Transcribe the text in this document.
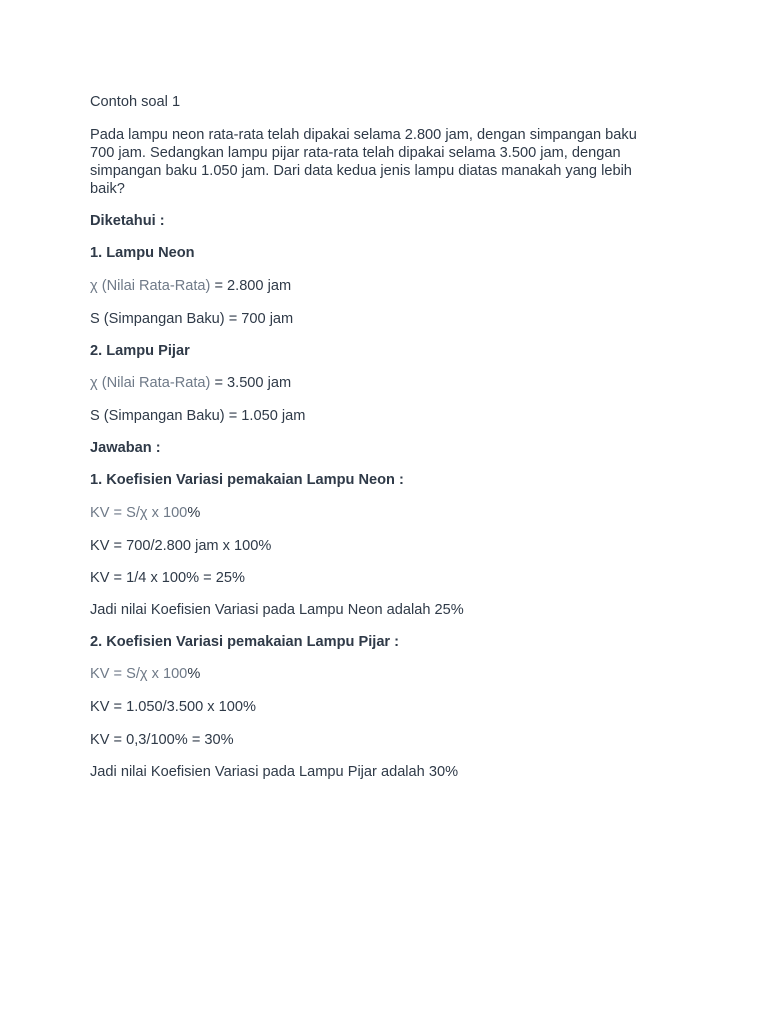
Contoh soal 1

Pada lampu neon rata-rata telah dipakai selama 2.800 jam, dengan simpangan baku
700 jam. Sedangkan lampu pijar rata-rata telah dipakai selama 3.500 jam, dengan
simpangan baku 1.050 jam. Dari data kedua jenis lampu diatas manakah yang lebih
baik?

Diketahui :

1. Lampu Neon

χ (Nilai Rata-Rata) = 2.800 jam

S (Simpangan Baku) = 700 jam

2. Lampu Pijar

χ (Nilai Rata-Rata) = 3.500 jam

S (Simpangan Baku) = 1.050 jam

Jawaban :

1. Koefisien Variasi pemakaian Lampu Neon :

KV = S/χ x 100%

KV = 700/2.800 jam x 100%

KV = 1/4 x 100% = 25%

Jadi nilai Koefisien Variasi pada Lampu Neon adalah 25%

2. Koefisien Variasi pemakaian Lampu Pijar :

KV = S/χ x 100%

KV = 1.050/3.500 x 100%

KV = 0,3/100% = 30%

Jadi nilai Koefisien Variasi pada Lampu Pijar adalah 30%
